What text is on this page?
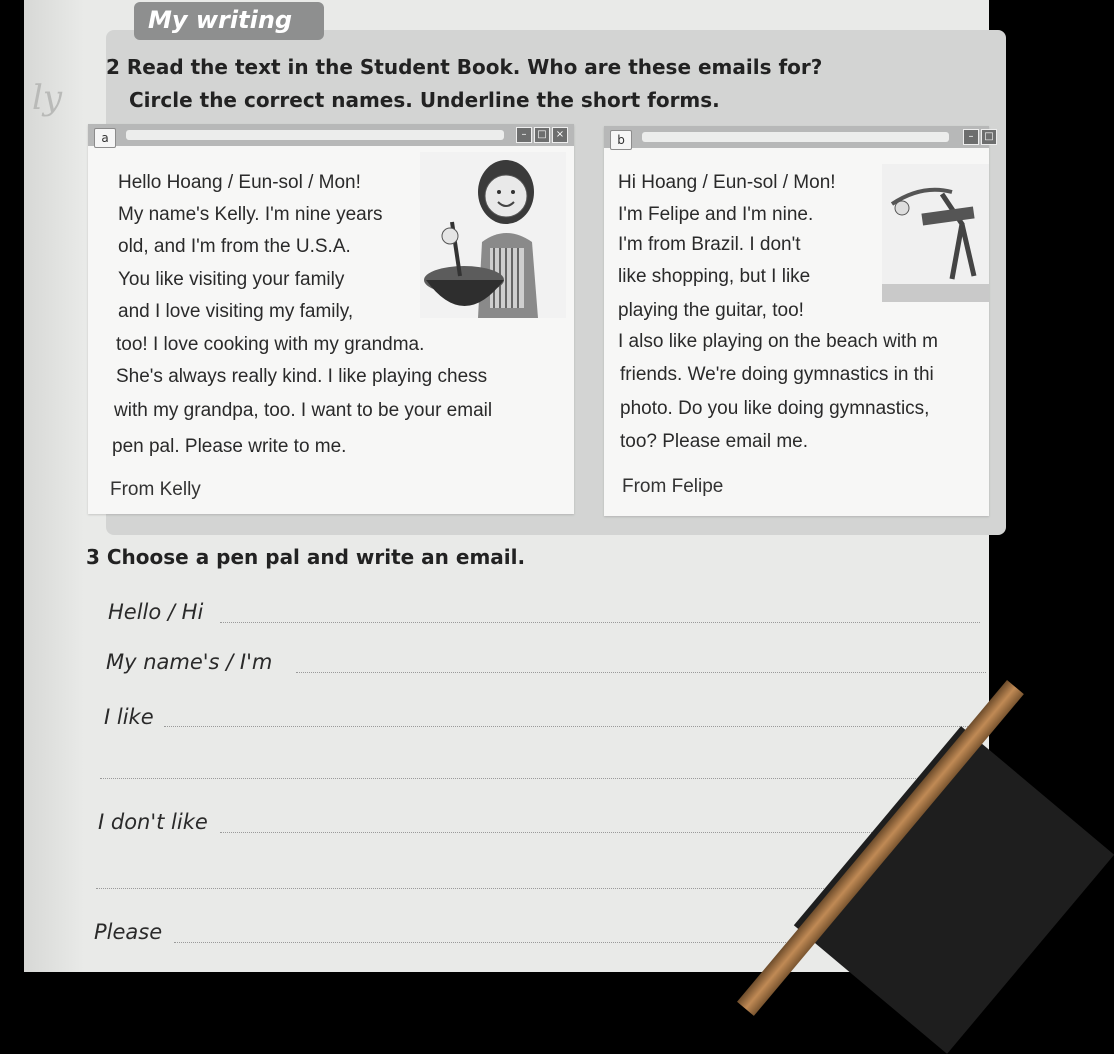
ly
My writing
2 Read the text in the Student Book. Who are these emails for?
Circle the correct names. Underline the short forms.
a	–	□ ×
Hello Hoang / Eun-sol / Mon!
My name's Kelly. I'm nine years
old, and I'm from the U.S.A.
You like visiting your family
and I love visiting my family,
too! I love cooking with my grandma.
She's always really kind. I like playing chess
with my grandpa, too. I want to be your email
pen pal. Please write to me.
From Kelly
b	–	□
Hi Hoang / Eun-sol / Mon!
I'm Felipe and I'm nine.
I'm from Brazil. I don't
like shopping, but I like
playing the guitar, too!
I also like playing on the beach with m
friends. We're doing gymnastics in thi
photo. Do you like doing gymnastics,
too? Please email me.
From Felipe
3 Choose a pen pal and write an email.
Hello / Hi
My name's / I'm
I like
I don't like
Please
